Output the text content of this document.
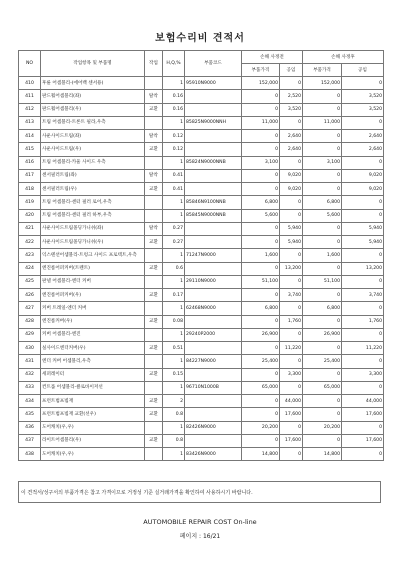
보험수리비 견적서
NO	작업항목 및 부품명	작업	H,Q,%	부품코드	손해 사정전		손해 사정후	
					부품가격	공임	부품가격	공임
410	후륜 어셈블리-(에어백 센서용)		1	95910N9000	152,000	0	152,000	0
411	판드휠어셈블리(좌)	탈착	0.16		0	2,520	0	3,520
412	판드휠어셈블리(우)	교환	0.16		0	3,520	0	3,520
413	트림 어셈블리-트론트 필라,우측		1	85825N9000NNH	11,000	0	11,000	0
414	사운사이드트림(좌)	탈착	0.12		0	2,640	0	2,640
415	사운사이드트림(우)	교환	0.12		0	2,640	0	2,640
416	트림 어셈블리-카울 사이드 우측		1	85824N9000NNB	3,100	0	3,100	0
417	센서필러트림(좌)	탈착	0.41		0	9,020	0	9,020
418	센서필러트림(우)	교환	0.41		0	9,020	0	9,020
419	트림 어셈블리-센터 필러 로어,우측		1	85846N9100NNB	6,800	0	6,800	0
420	트림 어셈블리-센터 필러 하부,우측		1	85845N9000NNB	5,600	0	5,600	0
421	사운사이드트림몰딩가니쉬(좌)	탈착	0.27		0	5,940	0	5,940
422	사운사이드트림몰딩가니쉬(우)	교환	0.27		0	5,940	0	5,940
423	익스텐션어셈블리-트렁크 사이드 프로텍트,우측		1	71247N9000	1,600	0	1,600	0
424	엔진룸어퍼커버(트렌트)	교환	0.6		0	13,200	0	13,200
425	판넬 어셈블리-엔더 커버		1	29110N9000	51,100	0	51,100	0
426	엔진룸어퍼커버(우)	교환	0.17		0	3,740	0	3,740
427	커버 트레일-엔더 커버		1	62468N9000	6,800	0	6,800	0
428	엔진룸커버(우)	교환	0.08		0	1,760	0	1,760
429	커버 어셈블리-엔진		1	29240P2000	26,900	0	26,900	0
430	실사이드엔더커버(우)	교환	0.51		0	11,220	0	11,220
431	엔더 커버 어셈블리,우측		1	84227N9000	25,400	0	25,400	0
432	세퍼레이터	교환	0.15		0	3,300	0	3,300
433	컨트롤 어셈블리-클로바이저선		1	96710N1000B	65,000	0	65,000	0
434	프런트범프빔재	교환	2		0	44,000	0	44,000
435	프런트범프빔재 교환(선우)	교환	0.8		0	17,600	0	17,600
436	도어캐치(우,우)		1	82426N9000	20,200	0	20,200	0
437	라이트어셈블리(우)	교환	0.8		0	17,600	0	17,600
438	도어캐치(우,우)		1	83426N9000	14,800	0	14,800	0
이 견적서/성구서의 부품가격은 참고 가격이므로 거정성 기준 실거래가격을 확인하여 사용하시기 바랍니다.
AUTOMOBILE REPAIR COST On-line
페이지 : 16/21
